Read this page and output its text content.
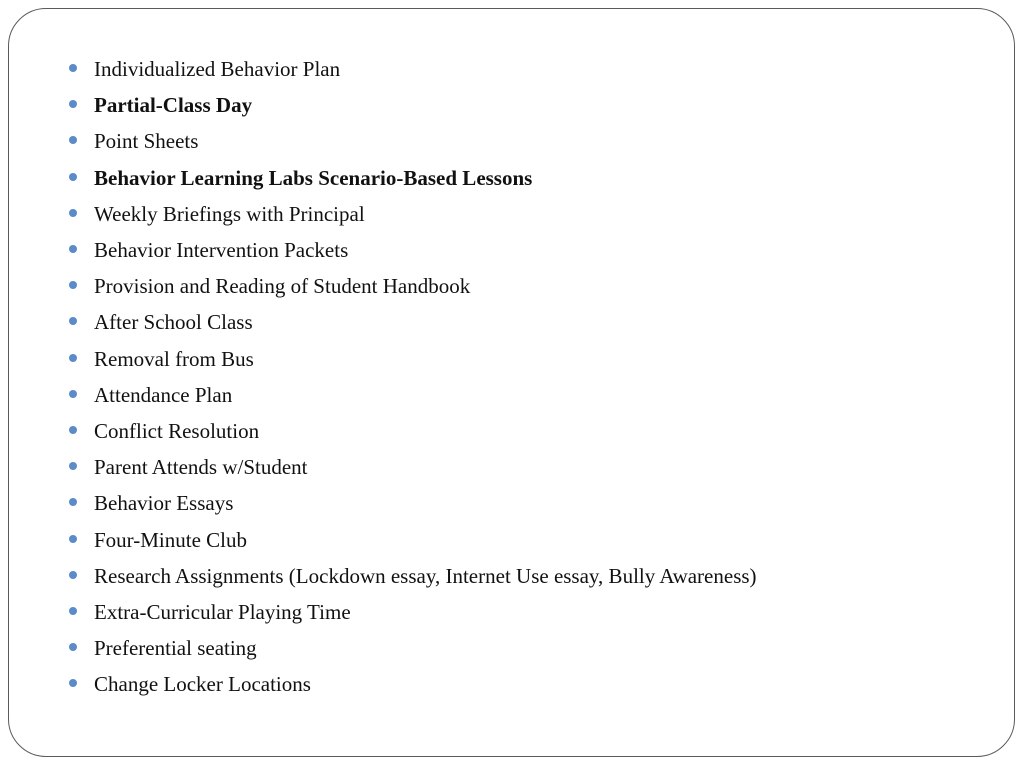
Individualized Behavior Plan
Partial-Class Day
Point Sheets
Behavior Learning Labs Scenario-Based Lessons
Weekly Briefings with Principal
Behavior Intervention Packets
Provision and Reading of Student Handbook
After School Class
Removal from Bus
Attendance Plan
Conflict Resolution
Parent Attends w/Student
Behavior Essays
Four-Minute Club
Research Assignments (Lockdown essay, Internet Use essay, Bully Awareness)
Extra-Curricular Playing Time
Preferential seating
Change Locker Locations
